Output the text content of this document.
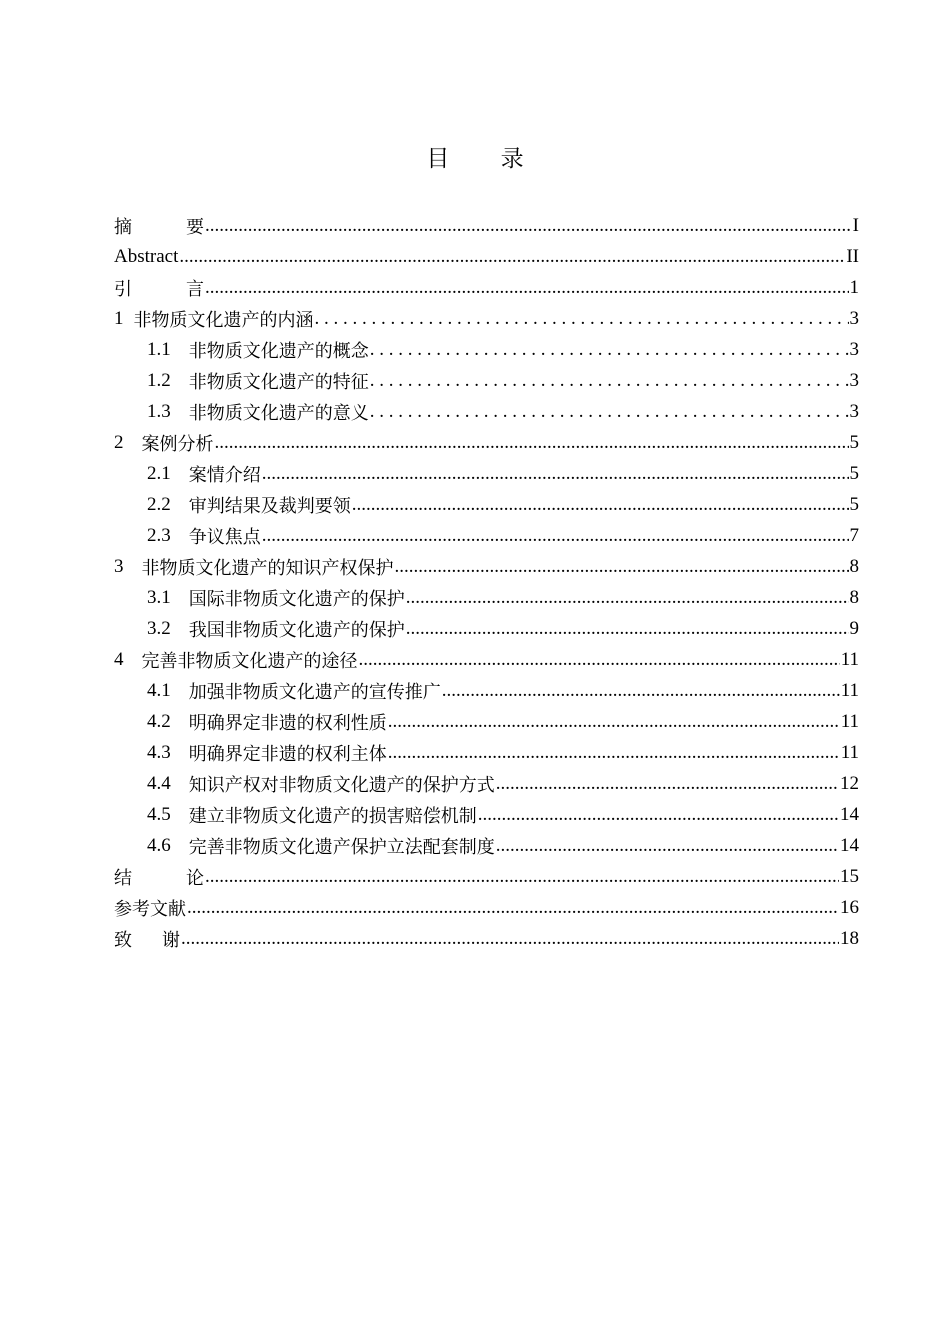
目 录
摘	要 .....	I
Abstract .....	II
引	言 .....	1
1 非物质文化遗产的内涵 . . .	3
1.1 非物质文化遗产的概念 . . .	3
1.2 非物质文化遗产的特征 . . .	3
1.3 非物质文化遗产的意义 . . .	3
2 案例分析 .....	5
2.1 案情介绍 .....	5
2.2 审判结果及裁判要领 .....	5
2.3 争议焦点 .....	7
3 非物质文化遗产的知识产权保护 .....	8
3.1 国际非物质文化遗产的保护 .....	8
3.2 我国非物质文化遗产的保护 .....	9
4 完善非物质文化遗产的途径 .....	11
4.1 加强非物质文化遗产的宣传推广 .....	11
4.2 明确界定非遗的权利性质 .....	11
4.3 明确界定非遗的权利主体 .....	11
4.4 知识产权对非物质文化遗产的保护方式 .....	12
4.5 建立非物质文化遗产的损害赔偿机制 .....	14
4.6 完善非物质文化遗产保护立法配套制度 .....	14
结	论 .....	15
参考文献 .....	16
致 谢 .....	18
